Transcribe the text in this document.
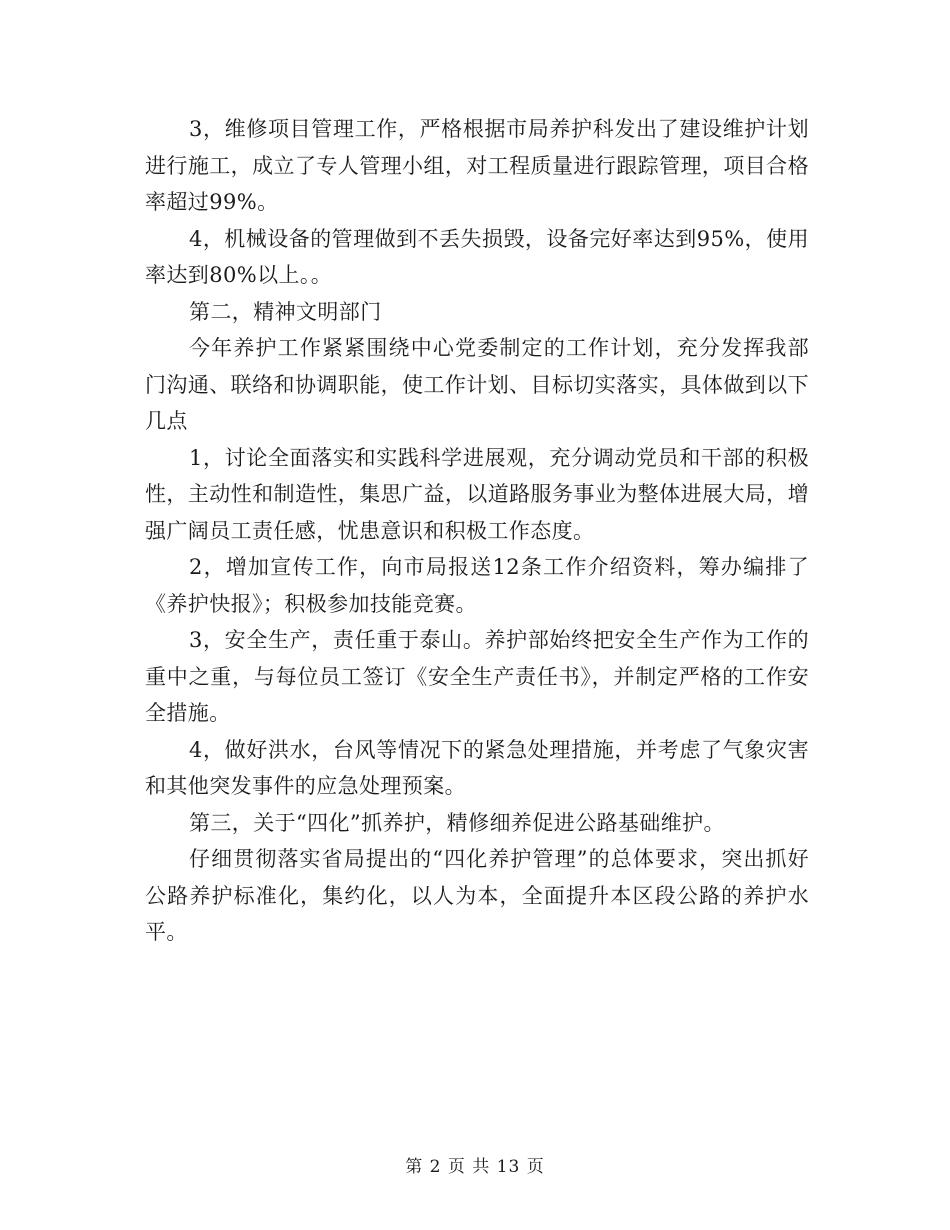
3，维修项目管理工作，严格根据市局养护科发出了建设维护计划进行施工，成立了专人管理小组，对工程质量进行跟踪管理，项目合格率超过99%。

4，机械设备的管理做到不丢失损毁，设备完好率达到95%，使用率达到80%以上。。

第二，精神文明部门

今年养护工作紧紧围绕中心党委制定的工作计划，充分发挥我部门沟通、联络和协调职能，使工作计划、目标切实落实，具体做到以下几点

1，讨论全面落实和实践科学进展观，充分调动党员和干部的积极性，主动性和制造性，集思广益，以道路服务事业为整体进展大局，增强广阔员工责任感，忧患意识和积极工作态度。

2，增加宣传工作，向市局报送12条工作介绍资料，筹办编排了《养护快报》；积极参加技能竞赛。

3，安全生产，责任重于泰山。养护部始终把安全生产作为工作的重中之重，与每位员工签订《安全生产责任书》，并制定严格的工作安全措施。

4，做好洪水，台风等情况下的紧急处理措施，并考虑了气象灾害和其他突发事件的应急处理预案。

第三，关于“四化”抓养护，精修细养促进公路基础维护。

仔细贯彻落实省局提出的“四化养护管理”的总体要求，突出抓好公路养护标准化，集约化，以人为本，全面提升本区段公路的养护水平。

第 2 页 共 13 页
